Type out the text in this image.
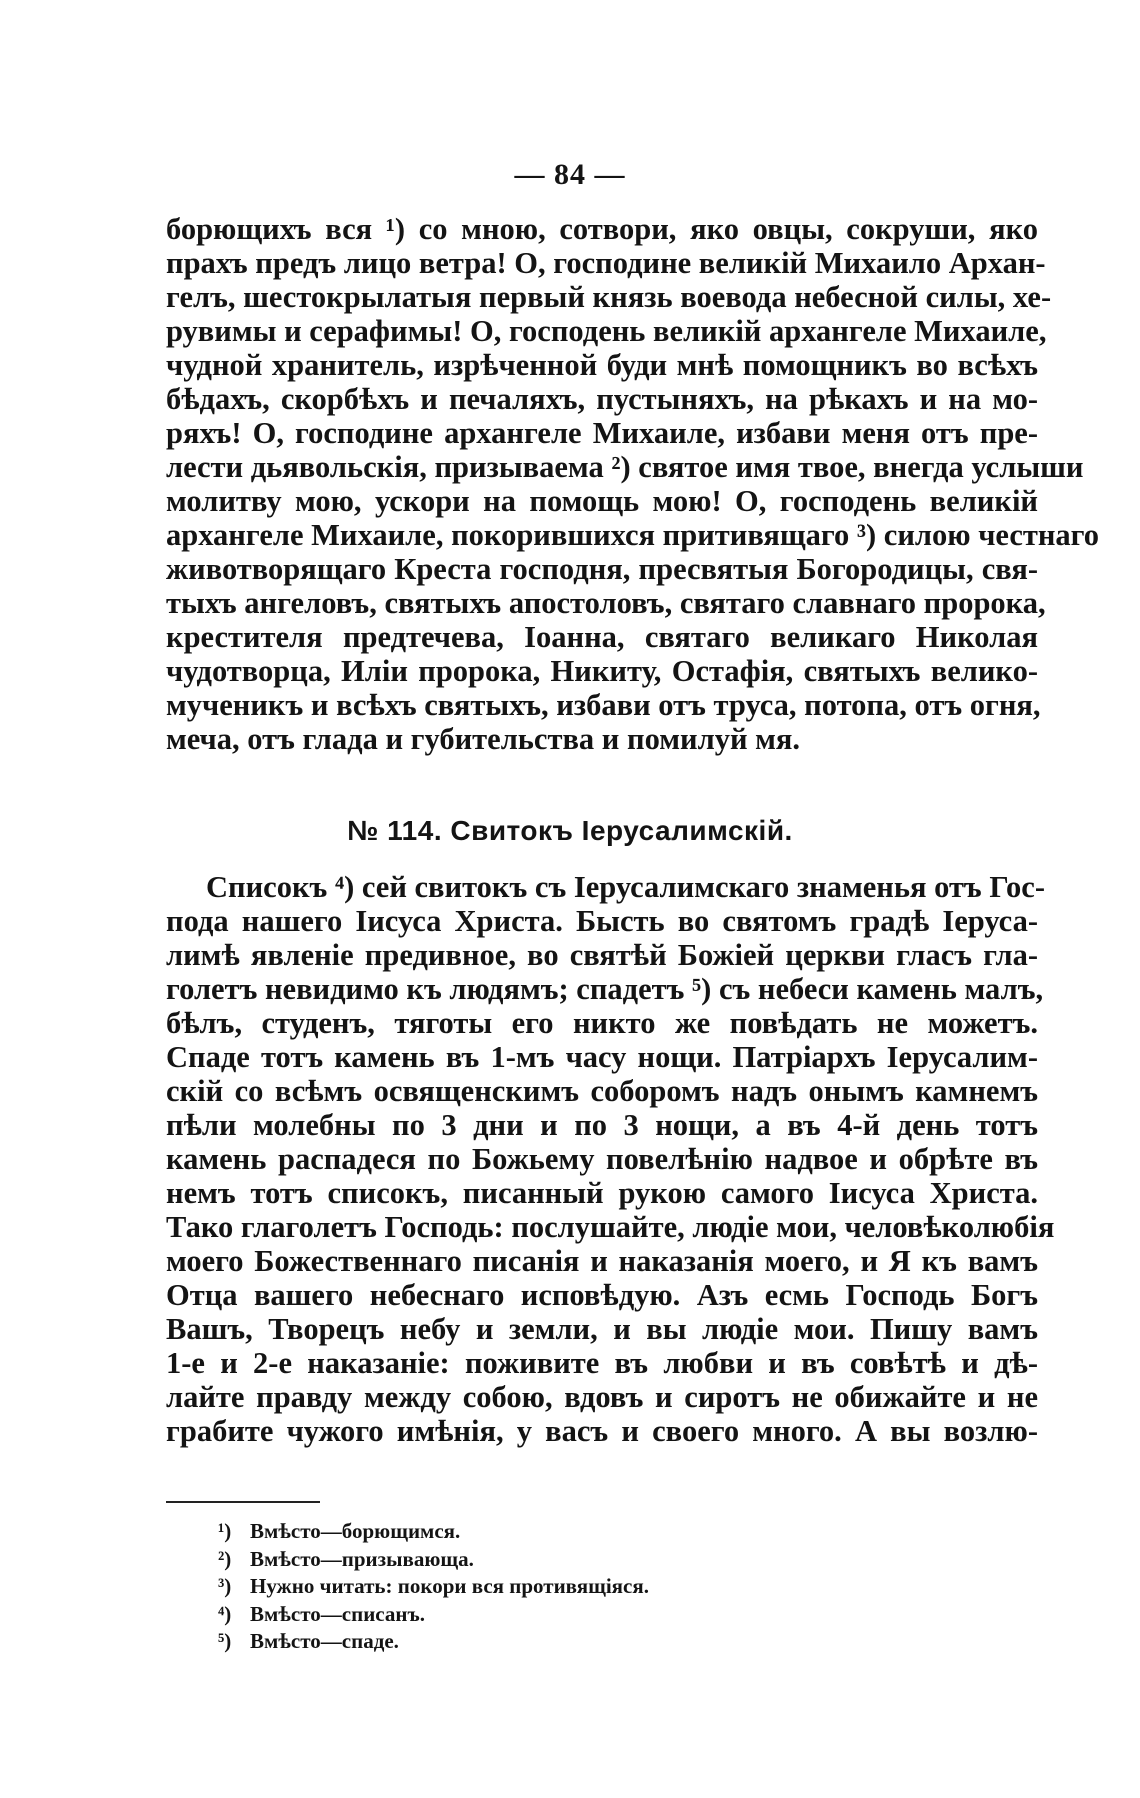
— 84 —
борющихъ вся ¹) со мною, сотвори, яко овцы, сокруши, яко
прахъ предъ лицо ветра! О, господине великій Михаило Архан-
гелъ, шестокрылатыя первый князь воевода небесной силы, хе-
рувимы и серафимы! О, господень великій архангеле Михаиле,
чудной хранитель, изрѣченной буди мнѣ помощникъ во всѣхъ
бѣдахъ, скорбѣхъ и печаляхъ, пустыняхъ, на рѣкахъ и на мо-
ряхъ! О, господине архангеле Михаиле, избави меня отъ пре-
лести дьявольскія, призываема ²) святое имя твое, внегда услыши
молитву мою, ускори на помощь мою! О, господень великій
архангеле Михаиле, покорившихся притивящаго ³) силою честнаго
животворящаго Креста господня, пресвятыя Богородицы, свя-
тыхъ ангеловъ, святыхъ апостоловъ, святаго славнаго пророка,
крестителя предтечева, Іоанна, святаго великаго Николая
чудотворца, Иліи пророка, Никиту, Остафія, святыхъ велико-
мученикъ и всѣхъ святыхъ, избави отъ труса, потопа, отъ огня,
меча, отъ глада и губительства и помилуй мя.
№ 114. Свитокъ Іерусалимскій.
Списокъ ⁴) сей свитокъ съ Іерусалимскаго знаменья отъ Гос-
пода нашего Іисуса Христа. Бысть во святомъ градѣ Іеруса-
лимѣ явленіе предивное, во святѣй Божіей церкви гласъ гла-
голетъ невидимо къ людямъ; спадетъ ⁵) съ небеси камень малъ,
бѣлъ, студенъ, тяготы его никто же повѣдать не можетъ.
Спаде тотъ камень въ 1-мъ часу нощи. Патріархъ Іерусалим-
скій со всѣмъ освященскимъ соборомъ надъ онымъ камнемъ
пѣли молебны по 3 дни и по 3 нощи, а въ 4-й день тотъ
камень распадеся по Божьему повелѣнію надвое и обрѣте въ
немъ тотъ списокъ, писанный рукою самого Іисуса Христа.
Тако глаголетъ Господь: послушайте, людіе мои, человѣколюбія
моего Божественнаго писанія и наказанія моего, и Я къ вамъ
Отца вашего небеснаго исповѣдую. Азъ есмь Господь Богъ
Вашъ, Творецъ небу и земли, и вы людіе мои. Пишу вамъ
1-е и 2-е наказаніе: поживите въ любви и въ совѣтѣ и дѣ-
лайте правду между собою, вдовъ и сиротъ не обижайте и не
грабите чужого имѣнія, у васъ и своего много. А вы возлю-
¹) Вмѣсто—борющимся.
²) Вмѣсто—призывающа.
³) Нужно читать: покори вся противящіяся.
⁴) Вмѣсто—списанъ.
⁵) Вмѣсто—спаде.
